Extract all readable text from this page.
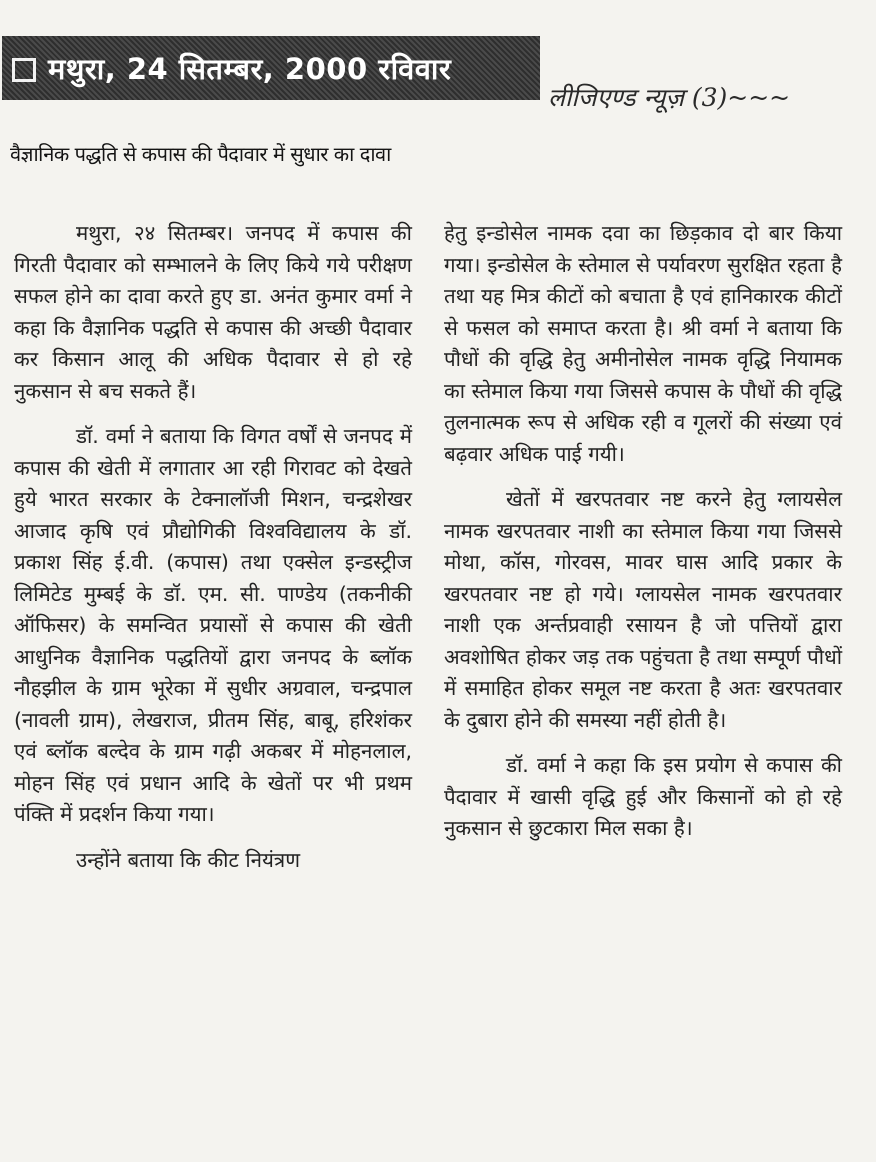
मथुरा, 24 सितम्बर, 2000 रविवार
लीजिएण्ड न्यूज़ (3)~~~
वैज्ञानिक पद्धति से कपास की पैदावार में सुधार का दावा

मथुरा, २४ सितम्बर। जनपद में कपास की गिरती पैदावार को सम्भालने के लिए किये गये परीक्षण सफल होने का दावा करते हुए डा. अनंत कुमार वर्मा ने कहा कि वैज्ञानिक पद्धति से कपास की अच्छी पैदावार कर किसान आलू की अधिक पैदावार से हो रहे नुकसान से बच सकते हैं।

डॉ. वर्मा ने बताया कि विगत वर्षों से जनपद में कपास की खेती में लगातार आ रही गिरावट को देखते हुये भारत सरकार के टेक्नालॉजी मिशन, चन्द्रशेखर आजाद कृषि एवं प्रौद्योगिकी विश्वविद्यालय के डॉ. प्रकाश सिंह ई.वी. (कपास) तथा एक्सेल इन्डस्ट्रीज लिमिटेड मुम्बई के डॉ. एम. सी. पाण्डेय (तकनीकी ऑफिसर) के समन्वित प्रयासों से कपास की खेती आधुनिक वैज्ञानिक पद्धतियों द्वारा जनपद के ब्लॉक नौहझील के ग्राम भूरेका में सुधीर अग्रवाल, चन्द्रपाल (नावली ग्राम), लेखराज, प्रीतम सिंह, बाबू, हरिशंकर एवं ब्लॉक बल्देव के ग्राम गढ़ी अकबर में मोहनलाल, मोहन सिंह एवं प्रधान आदि के खेतों पर भी प्रथम पंक्ति में प्रदर्शन किया गया।

उन्होंने बताया कि कीट नियंत्रण

हेतु इन्डोसेल नामक दवा का छिड़काव दो बार किया गया। इन्डोसेल के स्तेमाल से पर्यावरण सुरक्षित रहता है तथा यह मित्र कीटों को बचाता है एवं हानिकारक कीटों से फसल को समाप्त करता है। श्री वर्मा ने बताया कि पौधों की वृद्धि हेतु अमीनोसेल नामक वृद्धि नियामक का स्तेमाल किया गया जिससे कपास के पौधों की वृद्धि तुलनात्मक रूप से अधिक रही व गूलरों की संख्या एवं बढ़वार अधिक पाई गयी।

खेतों में खरपतवार नष्ट करने हेतु ग्लायसेल नामक खरपतवार नाशी का स्तेमाल किया गया जिससे मोथा, कॉस, गोरवस, मावर घास आदि प्रकार के खरपतवार नष्ट हो गये। ग्लायसेल नामक खरपतवार नाशी एक अर्न्तप्रवाही रसायन है जो पत्तियों द्वारा अवशोषित होकर जड़ तक पहुंचता है तथा सम्पूर्ण पौधों में समाहित होकर समूल नष्ट करता है अतः खरपतवार के दुबारा होने की समस्या नहीं होती है।

डॉ. वर्मा ने कहा कि इस प्रयोग से कपास की पैदावार में खासी वृद्धि हुई और किसानों को हो रहे नुकसान से छुटकारा मिल सका है।
